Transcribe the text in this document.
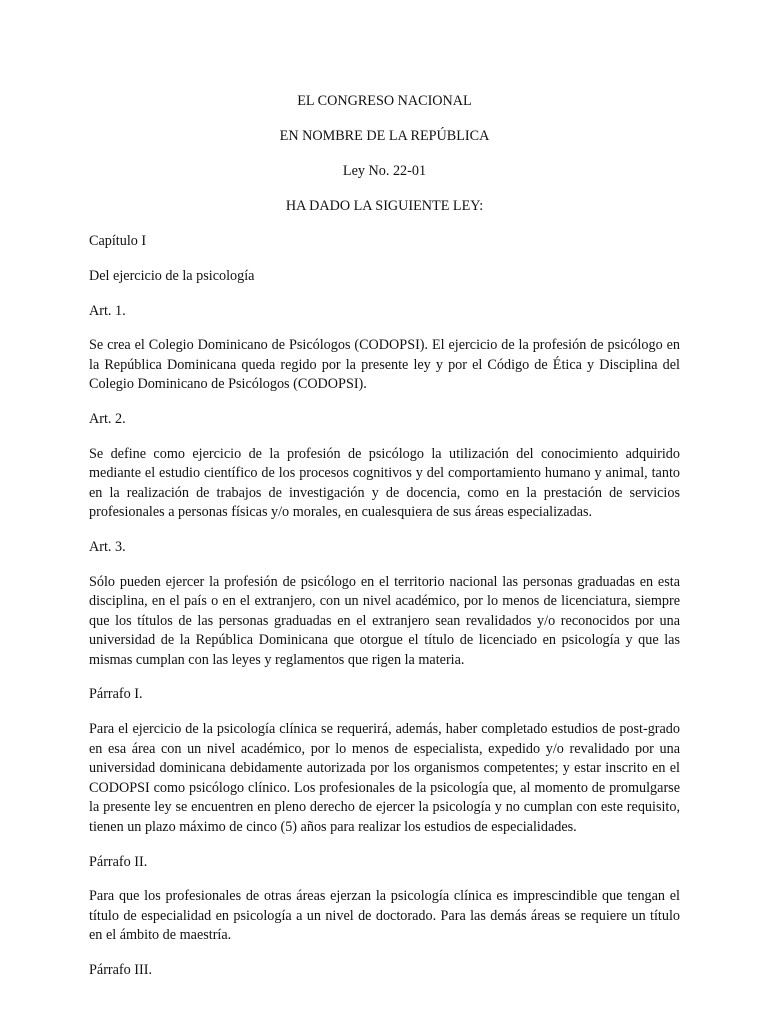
EL CONGRESO NACIONAL
EN NOMBRE DE LA REPÚBLICA
Ley No. 22-01
HA DADO LA SIGUIENTE LEY:

Capítulo I

Del ejercicio de la psicología

Art. 1.

Se crea el Colegio Dominicano de Psicólogos (CODOPSI). El ejercicio de la profesión de psicólogo en la República Dominicana queda regido por la presente ley y por el Código de Ética y Disciplina del Colegio Dominicano de Psicólogos (CODOPSI).

Art. 2.

Se define como ejercicio de la profesión de psicólogo la utilización del conocimiento adquirido mediante el estudio científico de los procesos cognitivos y del comportamiento humano y animal, tanto en la realización de trabajos de investigación y de docencia, como en la prestación de servicios profesionales a personas físicas y/o morales, en cualesquiera de sus áreas especializadas.

Art. 3.

Sólo pueden ejercer la profesión de psicólogo en el territorio nacional las personas graduadas en esta disciplina, en el país o en el extranjero, con un nivel académico, por lo menos de licenciatura, siempre que los títulos de las personas graduadas en el extranjero sean revalidados y/o reconocidos por una universidad de la República Dominicana que otorgue el título de licenciado en psicología y que las mismas cumplan con las leyes y reglamentos que rigen la materia.

Párrafo I.

Para el ejercicio de la psicología clínica se requerirá, además, haber completado estudios de post-grado en esa área con un nivel académico, por lo menos de especialista, expedido y/o revalidado por una universidad dominicana debidamente autorizada por los organismos competentes; y estar inscrito en el CODOPSI como psicólogo clínico. Los profesionales de la psicología que, al momento de promulgarse la presente ley se encuentren en pleno derecho de ejercer la psicología y no cumplan con este requisito, tienen un plazo máximo de cinco (5) años para realizar los estudios de especialidades.

Párrafo II.

Para que los profesionales de otras áreas ejerzan la psicología clínica es imprescindible que tengan el título de especialidad en psicología a un nivel de doctorado. Para las demás áreas se requiere un título en el ámbito de maestría.

Párrafo III.
